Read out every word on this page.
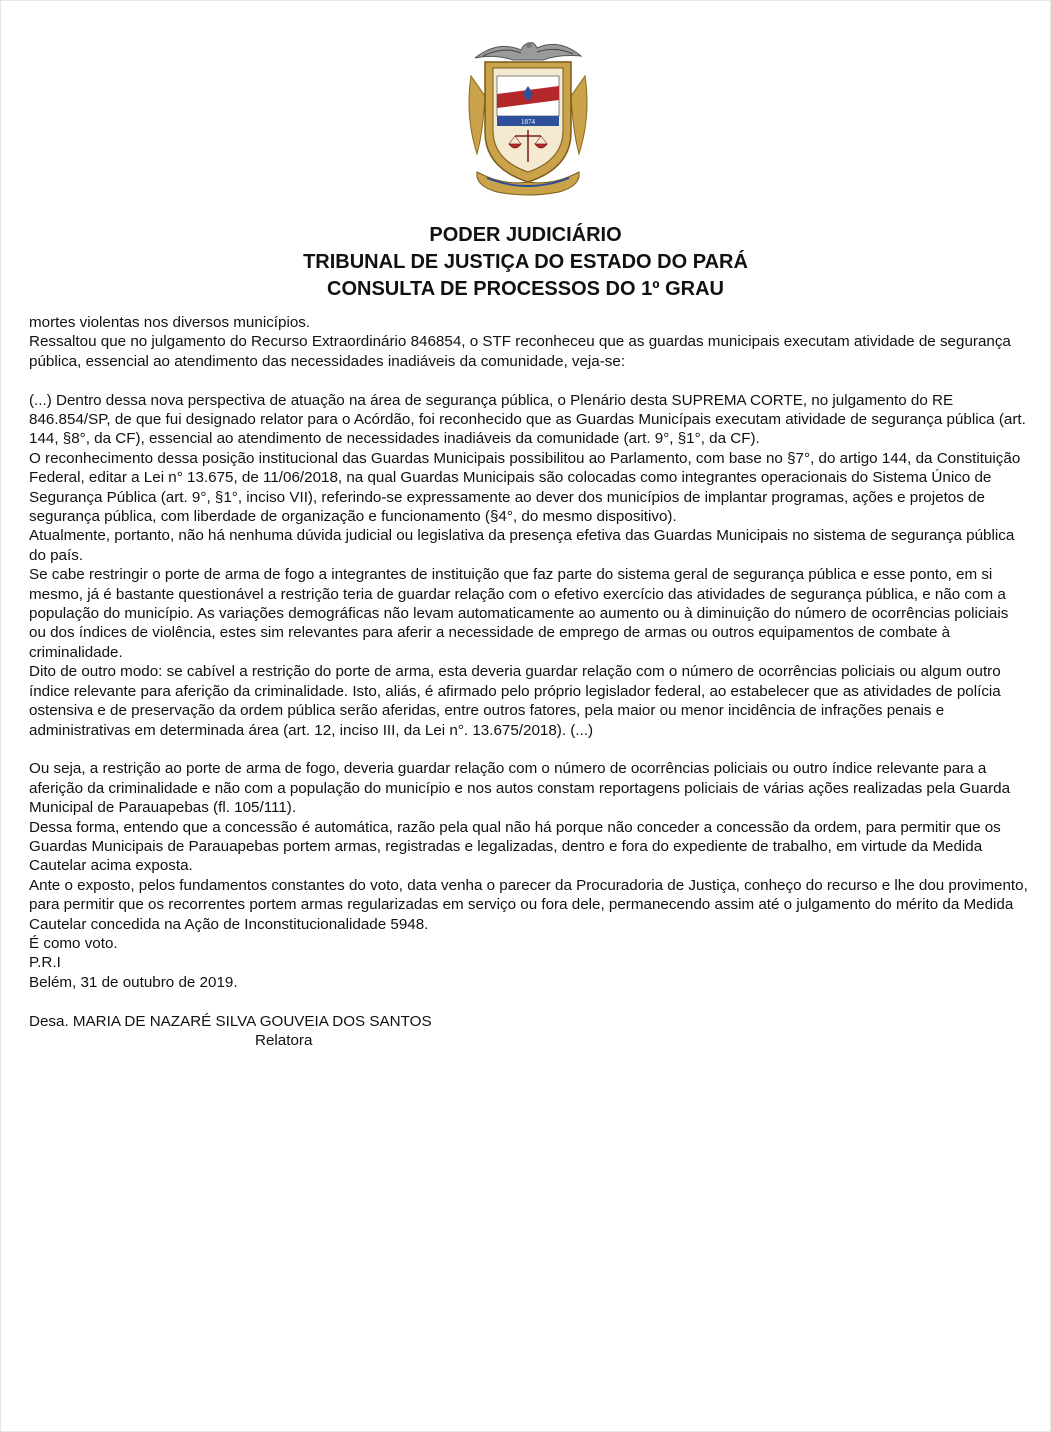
1874
PODER JUDICIÁRIO
TRIBUNAL DE JUSTIÇA DO ESTADO DO PARÁ
CONSULTA DE PROCESSOS DO 1º GRAU

mortes violentas nos diversos municípios.

Ressaltou que no julgamento do Recurso Extraordinário 846854, o STF reconheceu que as guardas municipais executam atividade de segurança pública, essencial ao atendimento das necessidades inadiáveis da comunidade, veja-se:

(...) Dentro dessa nova perspectiva de atuação na área de segurança pública, o Plenário desta SUPREMA CORTE, no julgamento do RE 846.854/SP, de que fui designado relator para o Acórdão, foi reconhecido que as Guardas Municípais executam atividade de segurança pública (art. 144, §8°, da CF), essencial ao atendimento de necessidades inadiáveis da comunidade (art. 9°, §1°, da CF).

O reconhecimento dessa posição institucional das Guardas Municipais possibilitou ao Parlamento, com base no §7°, do artigo 144, da Constituição Federal, editar a Lei n° 13.675, de 11/06/2018, na qual Guardas Municipais são colocadas como integrantes operacionais do Sistema Único de Segurança Pública (art. 9°, §1°, inciso VII), referindo-se expressamente ao dever dos municípios de implantar programas, ações e projetos de segurança pública, com liberdade de organização e funcionamento (§4°, do mesmo dispositivo).

Atualmente, portanto, não há nenhuma dúvida judicial ou legislativa da presença efetiva das Guardas Municipais no sistema de segurança pública do país.

Se cabe restringir o porte de arma de fogo a integrantes de instituição que faz parte do sistema geral de segurança pública e esse ponto, em si mesmo, já é bastante questionável a restrição teria de guardar relação com o efetivo exercício das atividades de segurança pública, e não com a população do município. As variações demográficas não levam automaticamente ao aumento ou à diminuição do número de ocorrências policiais ou dos índices de violência, estes sim relevantes para aferir a necessidade de emprego de armas ou outros equipamentos de combate à criminalidade.

Dito de outro modo: se cabível a restrição do porte de arma, esta deveria guardar relação com o número de ocorrências policiais ou algum outro índice relevante para aferição da criminalidade. Isto, aliás, é afirmado pelo próprio legislador federal, ao estabelecer que as atividades de polícia ostensiva e de preservação da ordem pública serão aferidas, entre outros fatores, pela maior ou menor incidência de infrações penais e administrativas em determinada área (art. 12, inciso III, da Lei n°. 13.675/2018). (...)

Ou seja, a restrição ao porte de arma de fogo, deveria guardar relação com o número de ocorrências policiais ou outro índice relevante para a aferição da criminalidade e não com a população do município e nos autos constam reportagens policiais de várias ações realizadas pela Guarda Municipal de Parauapebas (fl. 105/111).

Dessa forma, entendo que a concessão é automática, razão pela qual não há porque não conceder a concessão da ordem, para permitir que os Guardas Municipais de Parauapebas portem armas, registradas e legalizadas, dentro e fora do expediente de trabalho, em virtude da Medida Cautelar acima exposta.

Ante o exposto, pelos fundamentos constantes do voto, data venha o parecer da Procuradoria de Justiça, conheço do recurso e lhe dou provimento, para permitir que os recorrentes portem armas regularizadas em serviço ou fora dele, permanecendo assim até o julgamento do mérito da Medida Cautelar concedida na Ação de Inconstitucionalidade 5948.

É como voto.

P.R.I

Belém, 31 de outubro de 2019.

Desa. MARIA DE NAZARÉ SILVA GOUVEIA DOS SANTOS

Relatora
